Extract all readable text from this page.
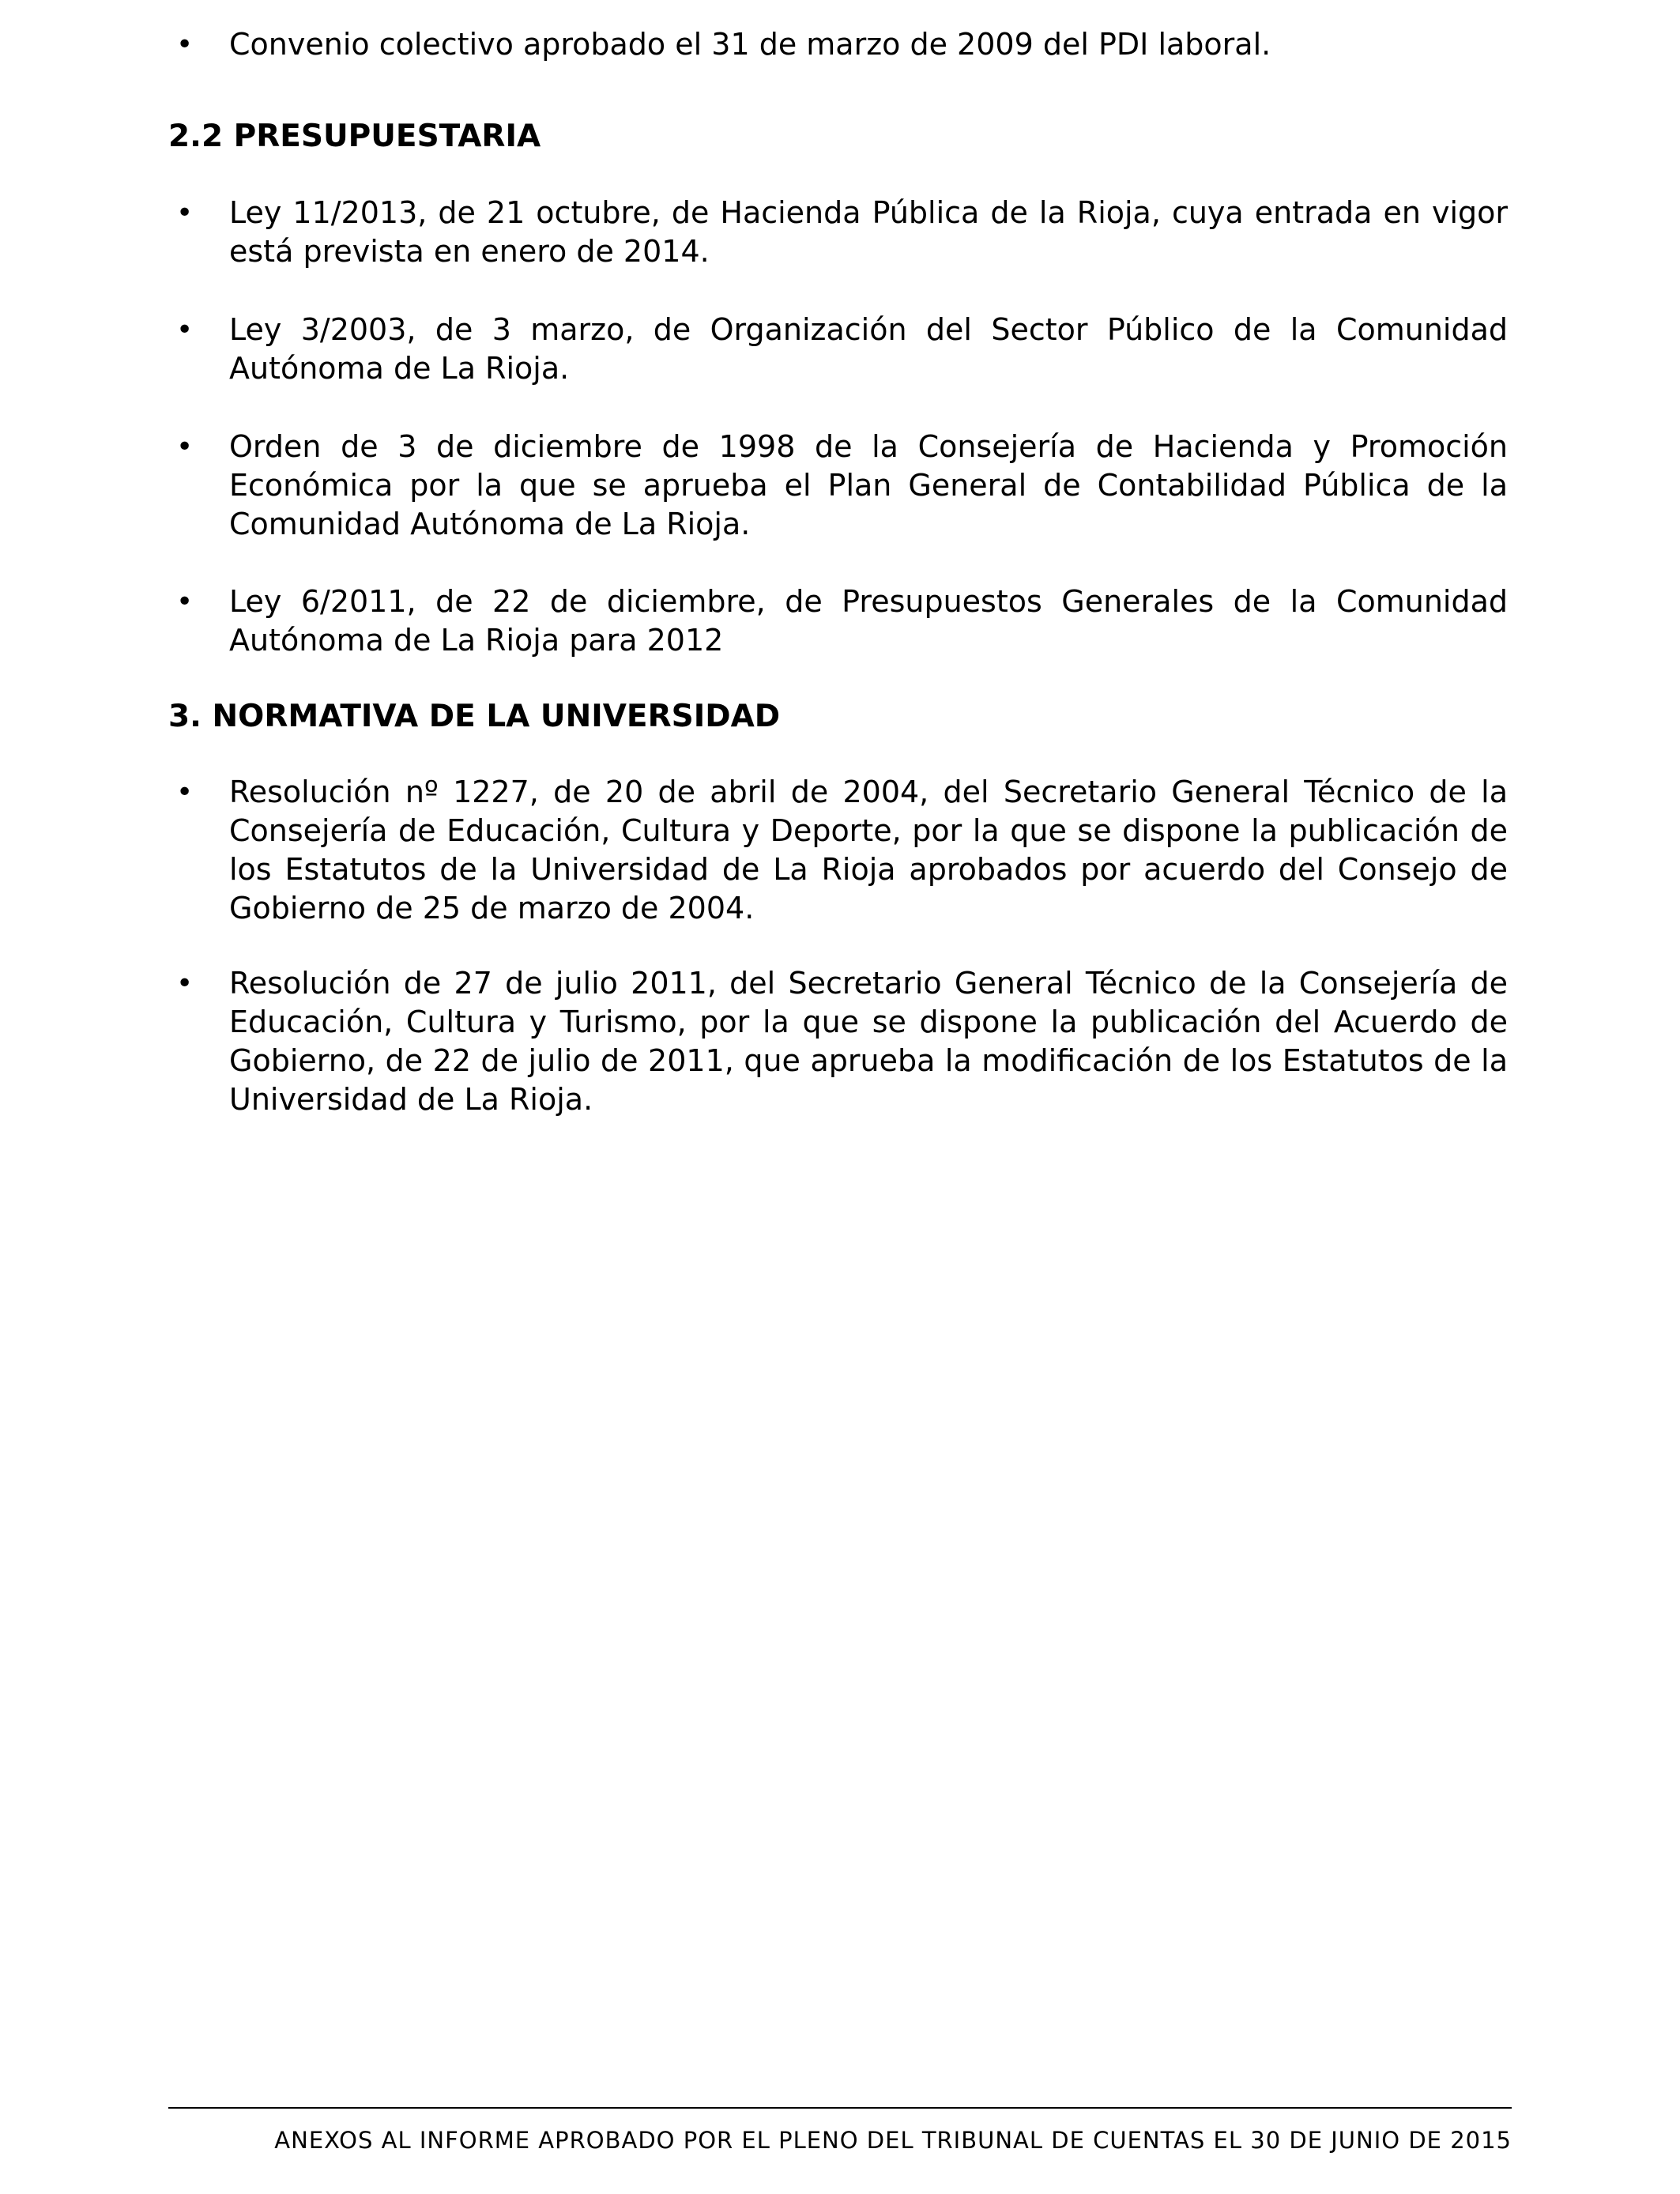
• Convenio colectivo aprobado el 31 de marzo de 2009 del PDI laboral.
2.2 PRESUPUESTARIA
• Ley 11/2013, de 21 octubre, de Hacienda Pública de la Rioja, cuya entrada en vigor está prevista en enero de 2014.
• Ley 3/2003, de 3 marzo, de Organización del Sector Público de la Comunidad Autónoma de La Rioja.
• Orden de 3 de diciembre de 1998 de la Consejería de Hacienda y Promoción Económica por la que se aprueba el Plan General de Contabilidad Pública de la Comunidad Autónoma de La Rioja.
• Ley 6/2011, de 22 de diciembre, de Presupuestos Generales de la Comunidad Autónoma de La Rioja para 2012
3. NORMATIVA DE LA UNIVERSIDAD
• Resolución nº 1227, de 20 de abril de 2004, del Secretario General Técnico de la Consejería de Educación, Cultura y Deporte, por la que se dispone la publicación de los Estatutos de la Universidad de La Rioja aprobados por acuerdo del Consejo de Gobierno de 25 de marzo de 2004.
• Resolución de 27 de julio 2011, del Secretario General Técnico de la Consejería de Educación, Cultura y Turismo, por la que se dispone la publicación del Acuerdo de Gobierno, de 22 de julio de 2011, que aprueba la modificación de los Estatutos de la Universidad de La Rioja.
ANEXOS AL INFORME APROBADO POR EL PLENO DEL TRIBUNAL DE CUENTAS EL 30 DE JUNIO DE 2015
